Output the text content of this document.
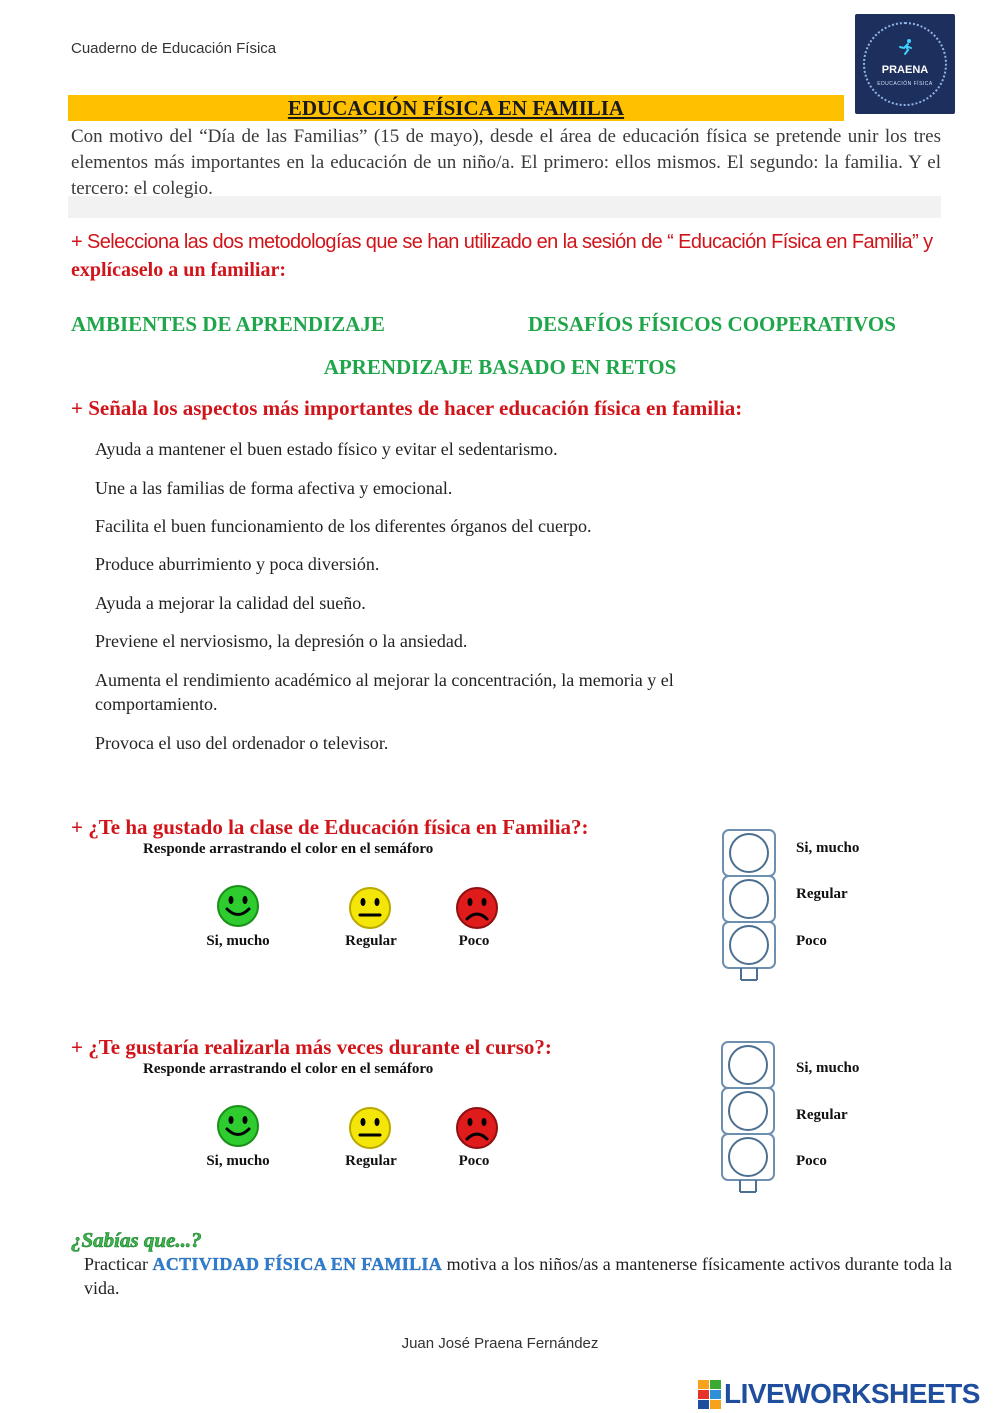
Cuaderno de Educación Física
PRAENA
EDUCACIÓN FÍSICA
EDUCACIÓN FÍSICA EN FAMILIA
Con motivo del “Día de las Familias” (15 de mayo), desde el área de educación física se pretende unir los tres elementos más importantes en la educación de un niño/a. El primero: ellos mismos. El segundo: la familia. Y el tercero: el colegio.
+ Selecciona las dos metodologías que se han utilizado en la sesión de “ Educación Física en Familia” y explícaselo a un familiar:
AMBIENTES DE APRENDIZAJE	DESAFÍOS FÍSICOS COOPERATIVOS
APRENDIZAJE BASADO EN RETOS
+ Señala los aspectos más importantes de hacer educación física en familia:
Ayuda a mantener el buen estado físico y evitar el sedentarismo.
Une a las familias de forma afectiva y emocional.
Facilita el buen funcionamiento de los diferentes órganos del cuerpo.
Produce aburrimiento y poca diversión.
Ayuda a mejorar la calidad del sueño.
Previene el nerviosismo, la depresión o la ansiedad.
Aumenta el rendimiento académico al mejorar la concentración, la memoria y el comportamiento.
Provoca el uso del ordenador o televisor.
+ ¿Te ha gustado la clase de Educación física en Familia?:
Responde arrastrando el color en el semáforo
Si, mucho	Regular	Poco
Si, mucho
Regular
Poco
+ ¿Te gustaría realizarla más veces durante el curso?:
Responde arrastrando el color en el semáforo
Si, mucho	Regular	Poco
Si, mucho
Regular
Poco
¿Sabías que...?
Practicar ACTIVIDAD FÍSICA EN FAMILIA motiva a los niños/as a mantenerse físicamente activos durante toda la vida.
Juan José Praena Fernández
LIVEWORKSHEETS
